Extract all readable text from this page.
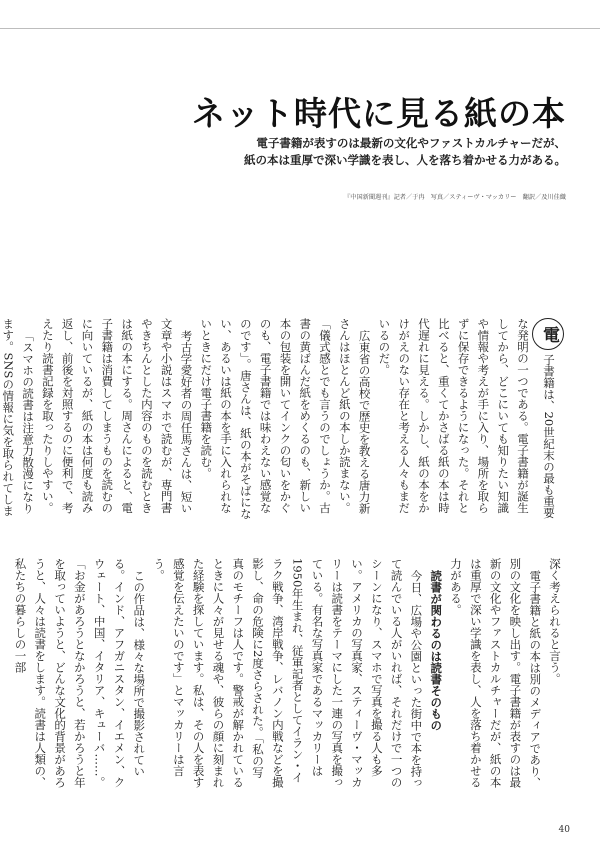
ネット時代に見る紙の本
電子書籍が表すのは最新の文化やファストカルチャーだが、
紙の本は重厚で深い学識を表し、人を落ち着かせる力がある。
『中国新聞週刊』記者／于冉　写真／スティーヴ・マッカリー　翻訳／及川佳織

電子書籍は、20世紀末の最も重要な発明の一つである。電子書籍が誕生してから、どこにいても知りたい知識や情報や考えが手に入り、場所を取らずに保存できるようになった。それと比べると、重くてかさばる紙の本は時代遅れに見える。しかし、紙の本をかけがえのない存在と考える人々もまだいるのだ。

広東省の高校で歴史を教える唐力新さんはほとんど紙の本しか読まない。「儀式感とでも言うのでしょうか。古書の黄ばんだ紙をめくるのも、新しい本の包装を開いてインクの匂いをかぐのも、電子書籍では味わえない感覚なのです」。唐さんは、紙の本がそばにない、あるいは紙の本を手に入れられないときにだけ電子書籍を読む。

考古学愛好者の周任馬さんは、短い文章や小説はスマホで読むが、専門書やきちんとした内容のものを読むときは紙の本にする。周さんによると、電子書籍は消費してしまうものを読むのに向いているが、紙の本は何度も読み返し、前後を対照するのに便利で、考えたり読書記録を取ったりしやすい。

「スマホの読書は注意力散漫になります。SNSの情報に気を取られてしま

深く考えられると言う。

電子書籍と紙の本は別のメディアであり、別の文化を映し出す。電子書籍が表すのは最新の文化やファストカルチャーだが、紙の本は重厚で深い学識を表し、人を落ち着かせる力がある。

読書が関わるのは読書そのもの

今日、広場や公園といった街中で本を持って読んでいる人がいれば、それだけで一つのシーンになり、スマホで写真を撮る人も多い。アメリカの写真家、スティーヴ・マッカリーは読書をテーマにした一連の写真を撮っている。有名な写真家であるマッカリーは1950年生まれ、従軍記者としてイラン・イラク戦争、湾岸戦争、レバノン内戦などを撮影し、命の危険に2度さらされた。「私の写真のモチーフは人です。警戒が解かれているときに人々が見せる魂や、彼らの顔に刻まれた経験を探しています。私は、その人を表す感覚を伝えたいのです」とマッカリーは言う。

この作品は、様々な場所で撮影されている。インド、アフガニスタン、イエメン、クウェート、中国、イタリア、キューバ……。「お金があろうとなかろうと、若かろうと年を取っていようと、どんな文化的背景があろうと、人々は読書をします。読書は人類の、私たちの暮らしの一部

40
